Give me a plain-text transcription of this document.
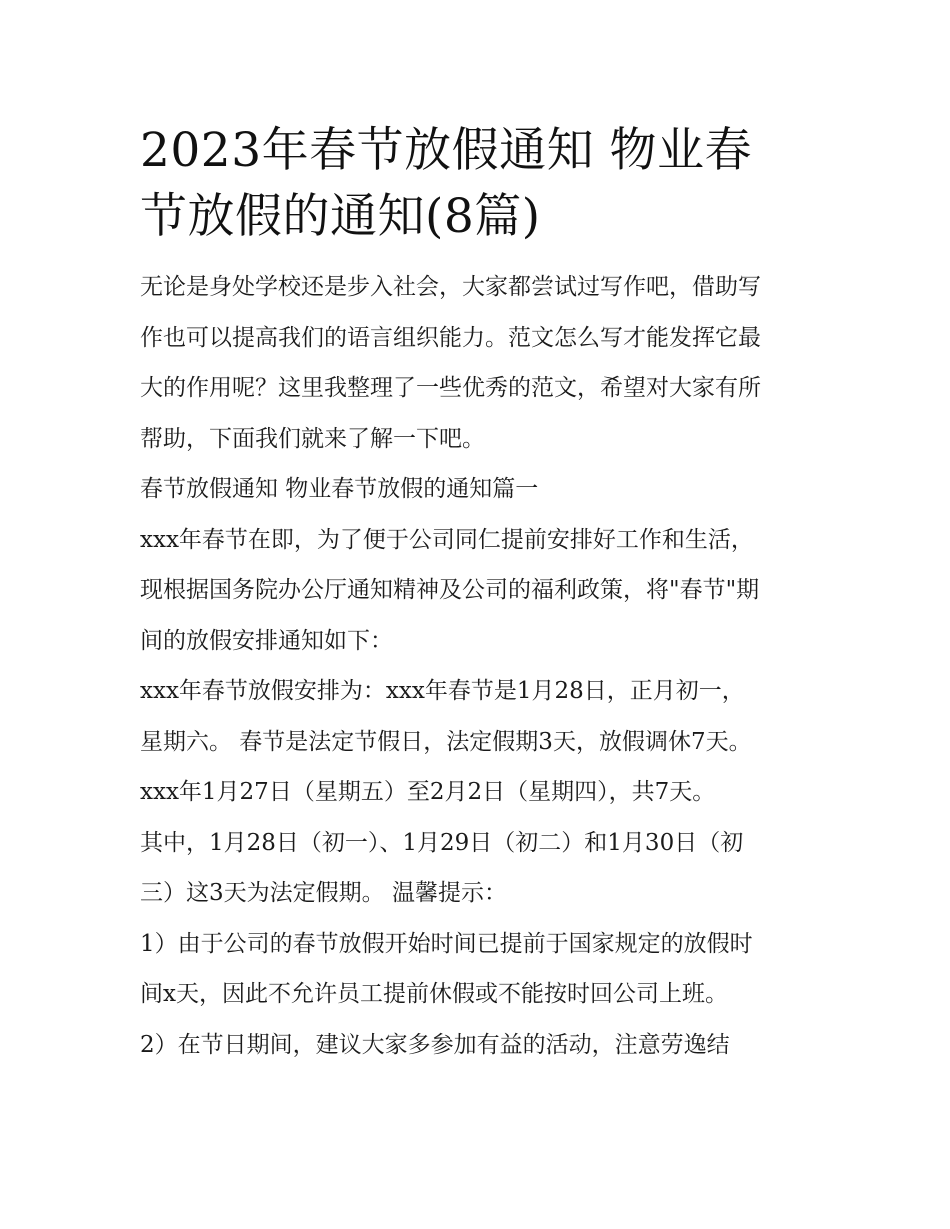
2023年春节放假通知 物业春
节放假的通知(8篇)

无论是身处学校还是步入社会，大家都尝试过写作吧，借助写

作也可以提高我们的语言组织能力。范文怎么写才能发挥它最

大的作用呢？这里我整理了一些优秀的范文，希望对大家有所

帮助，下面我们就来了解一下吧。

春节放假通知 物业春节放假的通知篇一

xxx年春节在即，为了便于公司同仁提前安排好工作和生活，

现根据国务院办公厅通知精神及公司的福利政策，将"春节"期

间的放假安排通知如下：

xxx年春节放假安排为：xxx年春节是1月28日，正月初一，

星期六。 春节是法定节假日，法定假期3天，放假调休7天。

xxx年1月27日（星期五）至2月2日（星期四），共7天。

其中，1月28日（初一）、1月29日（初二）和1月30日（初

三）这3天为法定假期。 温馨提示：

1）由于公司的春节放假开始时间已提前于国家规定的放假时

间x天，因此不允许员工提前休假或不能按时回公司上班。

2）在节日期间，建议大家多参加有益的活动，注意劳逸结
